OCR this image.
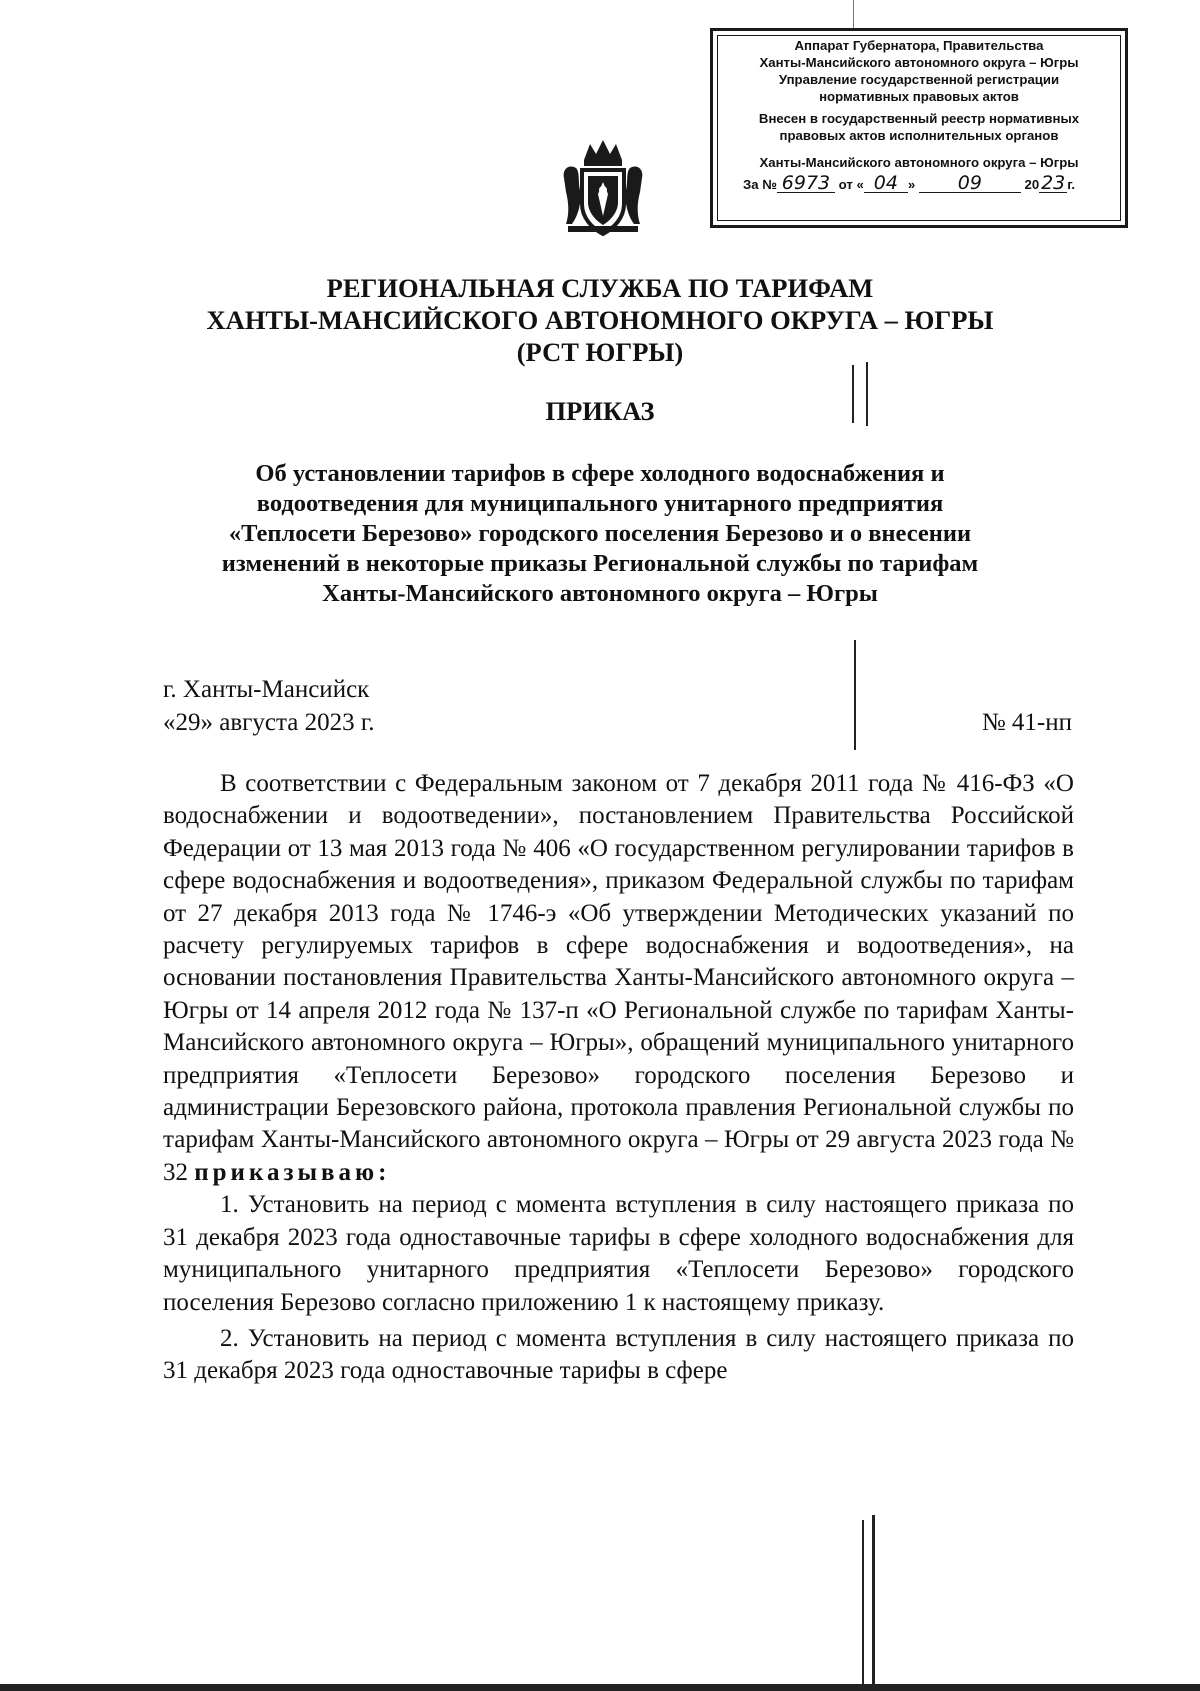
Аппарат Губернатора, Правительства
Ханты-Мансийского автономного округа – Югры
Управление государственной регистрации
нормативных правовых актов
Внесен в государственный реестр нормативных
правовых актов исполнительных органов
Ханты-Мансийского автономного округа – Югры
За № 6973 от « 04 » 09	20 23 г.
РЕГИОНАЛЬНАЯ СЛУЖБА ПО ТАРИФАМ
ХАНТЫ-МАНСИЙСКОГО АВТОНОМНОГО ОКРУГА – ЮГРЫ
(РСТ ЮГРЫ)
ПРИКАЗ
Об установлении тарифов в сфере холодного водоснабжения и
водоотведения для муниципального унитарного предприятия
«Теплосети Березово» городского поселения Березово и о внесении
изменений в некоторые приказы Региональной службы по тарифам
Ханты-Мансийского автономного округа – Югры
г. Ханты-Мансийск
«29» августа 2023 г.	№ 41-нп

В соответствии с Федеральным законом от 7 декабря 2011 года № 416-ФЗ «О водоснабжении и водоотведении», постановлением Правительства Российской Федерации от 13 мая 2013 года № 406 «О государственном регулировании тарифов в сфере водоснабжения и водоотведения», приказом Федеральной службы по тарифам от 27 декабря 2013 года № 1746-э «Об утверждении Методических указаний по расчету регулируемых тарифов в сфере водоснабжения и водоотведения», на основании постановления Правительства Ханты-Мансийского автономного округа – Югры от 14 апреля 2012 года № 137-п «О Региональной службе по тарифам Ханты-Мансийского автономного округа – Югры», обращений муниципального унитарного предприятия «Теплосети Березово» городского поселения Березово и администрации Березовского района, протокола правления Региональной службы по тарифам Ханты-Мансийского автономного округа – Югры от 29 августа 2023 года № 32 приказываю:

1. Установить на период с момента вступления в силу настоящего приказа по 31 декабря 2023 года одноставочные тарифы в сфере холодного водоснабжения для муниципального унитарного предприятия «Теплосети Березово» городского поселения Березово согласно приложению 1 к настоящему приказу.

2. Установить на период с момента вступления в силу настоящего приказа по 31 декабря 2023 года одноставочные тарифы в сфере
